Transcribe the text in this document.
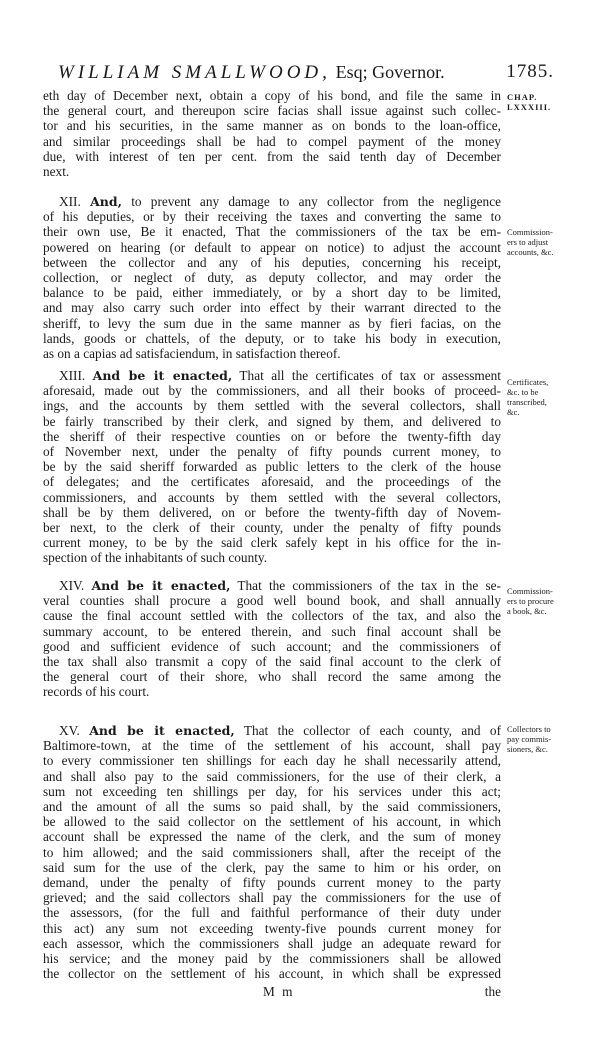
WILLIAM SMALLWOOD, Esq; Governor.	1785.
CHAP.
LXXXIII.
Commission-
ers to adjust
accounts, &c.
Certificates,
&c. to be
transcribed,
&c.
Commission-
ers to procure
a book, &c.
Collectors to
pay commis-
sioners, &c.
eth day of December next, obtain a copy of his bond, and file the same in
the general court, and thereupon scire facias shall issue against such collec-
tor and his securities, in the same manner as on bonds to the loan-office,
and similar proceedings shall be had to compel payment of the money
due, with interest of ten per cent. from the said tenth day of December
next.
XII. And, to prevent any damage to any collector from the negligence
of his deputies, or by their receiving the taxes and converting the same to
their own use, Be it enacted, That the commissioners of the tax be em-
powered on hearing (or default to appear on notice) to adjust the account
between the collector and any of his deputies, concerning his receipt,
collection, or neglect of duty, as deputy collector, and may order the
balance to be paid, either immediately, or by a short day to be limited,
and may also carry such order into effect by their warrant directed to the
sheriff, to levy the sum due in the same manner as by fieri facias, on the
lands, goods or chattels, of the deputy, or to take his body in execution,
as on a capias ad satisfaciendum, in satisfaction thereof.
XIII. And be it enacted, That all the certificates of tax or assessment
aforesaid, made out by the commissioners, and all their books of proceed-
ings, and the accounts by them settled with the several collectors, shall
be fairly transcribed by their clerk, and signed by them, and delivered to
the sheriff of their respective counties on or before the twenty-fifth day
of November next, under the penalty of fifty pounds current money, to
be by the said sheriff forwarded as public letters to the clerk of the house
of delegates; and the certificates aforesaid, and the proceedings of the
commissioners, and accounts by them settled with the several collectors,
shall be by them delivered, on or before the twenty-fifth day of Novem-
ber next, to the clerk of their county, under the penalty of fifty pounds
current money, to be by the said clerk safely kept in his office for the in-
spection of the inhabitants of such county.
XIV. And be it enacted, That the commissioners of the tax in the se-
veral counties shall procure a good well bound book, and shall annually
cause the final account settled with the collectors of the tax, and also the
summary account, to be entered therein, and such final account shall be
good and sufficient evidence of such account; and the commissioners of
the tax shall also transmit a copy of the said final account to the clerk of
the general court of their shore, who shall record the same among the
records of his court.
XV. And be it enacted, That the collector of each county, and of
Baltimore-town, at the time of the settlement of his account, shall pay
to every commissioner ten shillings for each day he shall necessarily attend,
and shall also pay to the said commissioners, for the use of their clerk, a
sum not exceeding ten shillings per day, for his services under this act;
and the amount of all the sums so paid shall, by the said commissioners,
be allowed to the said collector on the settlement of his account, in which
account shall be expressed the name of the clerk, and the sum of money
to him allowed; and the said commissioners shall, after the receipt of the
said sum for the use of the clerk, pay the same to him or his order, on
demand, under the penalty of fifty pounds current money to the party
grieved; and the said collectors shall pay the commissioners for the use of
the assessors, (for the full and faithful performance of their duty under
this act) any sum not exceeding twenty-five pounds current money for
each assessor, which the commissioners shall judge an adequate reward for
his service; and the money paid by the commissioners shall be allowed
the collector on the settlement of his account, in which shall be expressed
M m	the
